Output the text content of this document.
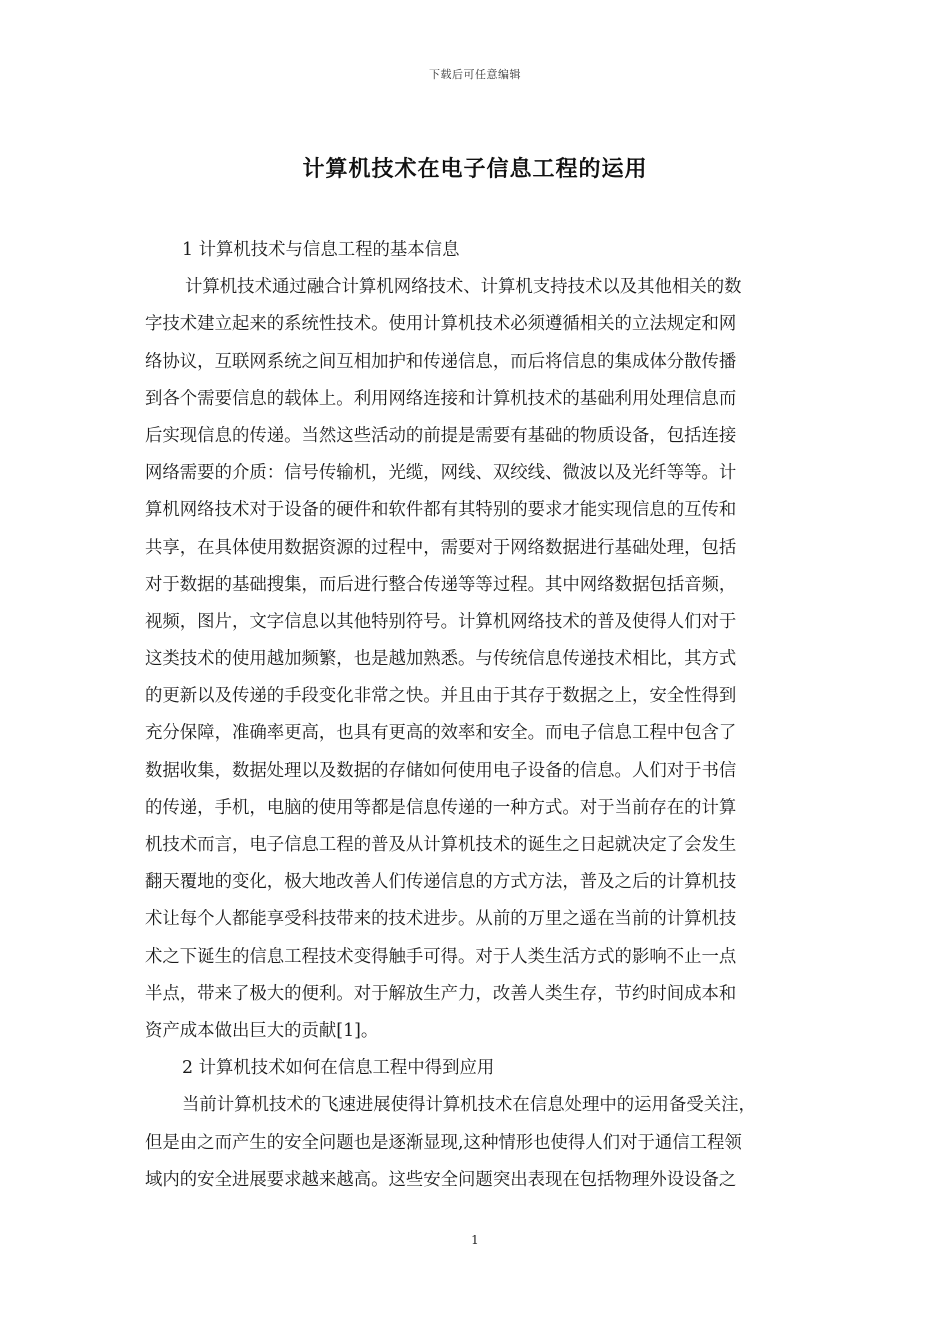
下载后可任意编辑
计算机技术在电子信息工程的运用
1 计算机技术与信息工程的基本信息
计算机技术通过融合计算机网络技术、计算机支持技术以及其他相关的数
字技术建立起来的系统性技术。使用计算机技术必须遵循相关的立法规定和网
络协议，互联网系统之间互相加护和传递信息，而后将信息的集成体分散传播
到各个需要信息的载体上。利用网络连接和计算机技术的基础利用处理信息而
后实现信息的传递。当然这些活动的前提是需要有基础的物质设备，包括连接
网络需要的介质：信号传输机，光缆，网线、双绞线、微波以及光纤等等。计
算机网络技术对于设备的硬件和软件都有其特别的要求才能实现信息的互传和
共享，在具体使用数据资源的过程中，需要对于网络数据进行基础处理，包括
对于数据的基础搜集，而后进行整合传递等等过程。其中网络数据包括音频，
视频，图片，文字信息以其他特别符号。计算机网络技术的普及使得人们对于
这类技术的使用越加频繁，也是越加熟悉。与传统信息传递技术相比，其方式
的更新以及传递的手段变化非常之快。并且由于其存于数据之上，安全性得到
充分保障，准确率更高，也具有更高的效率和安全。而电子信息工程中包含了
数据收集，数据处理以及数据的存储如何使用电子设备的信息。人们对于书信
的传递，手机，电脑的使用等都是信息传递的一种方式。对于当前存在的计算
机技术而言，电子信息工程的普及从计算机技术的诞生之日起就决定了会发生
翻天覆地的变化，极大地改善人们传递信息的方式方法，普及之后的计算机技
术让每个人都能享受科技带来的技术进步。从前的万里之遥在当前的计算机技
术之下诞生的信息工程技术变得触手可得。对于人类生活方式的影响不止一点
半点，带来了极大的便利。对于解放生产力，改善人类生存，节约时间成本和
资产成本做出巨大的贡献[1]。
2 计算机技术如何在信息工程中得到应用
当前计算机技术的飞速进展使得计算机技术在信息处理中的运用备受关注，
但是由之而产生的安全问题也是逐渐显现,这种情形也使得人们对于通信工程领
域内的安全进展要求越来越高。这些安全问题突出表现在包括物理外设设备之
1
